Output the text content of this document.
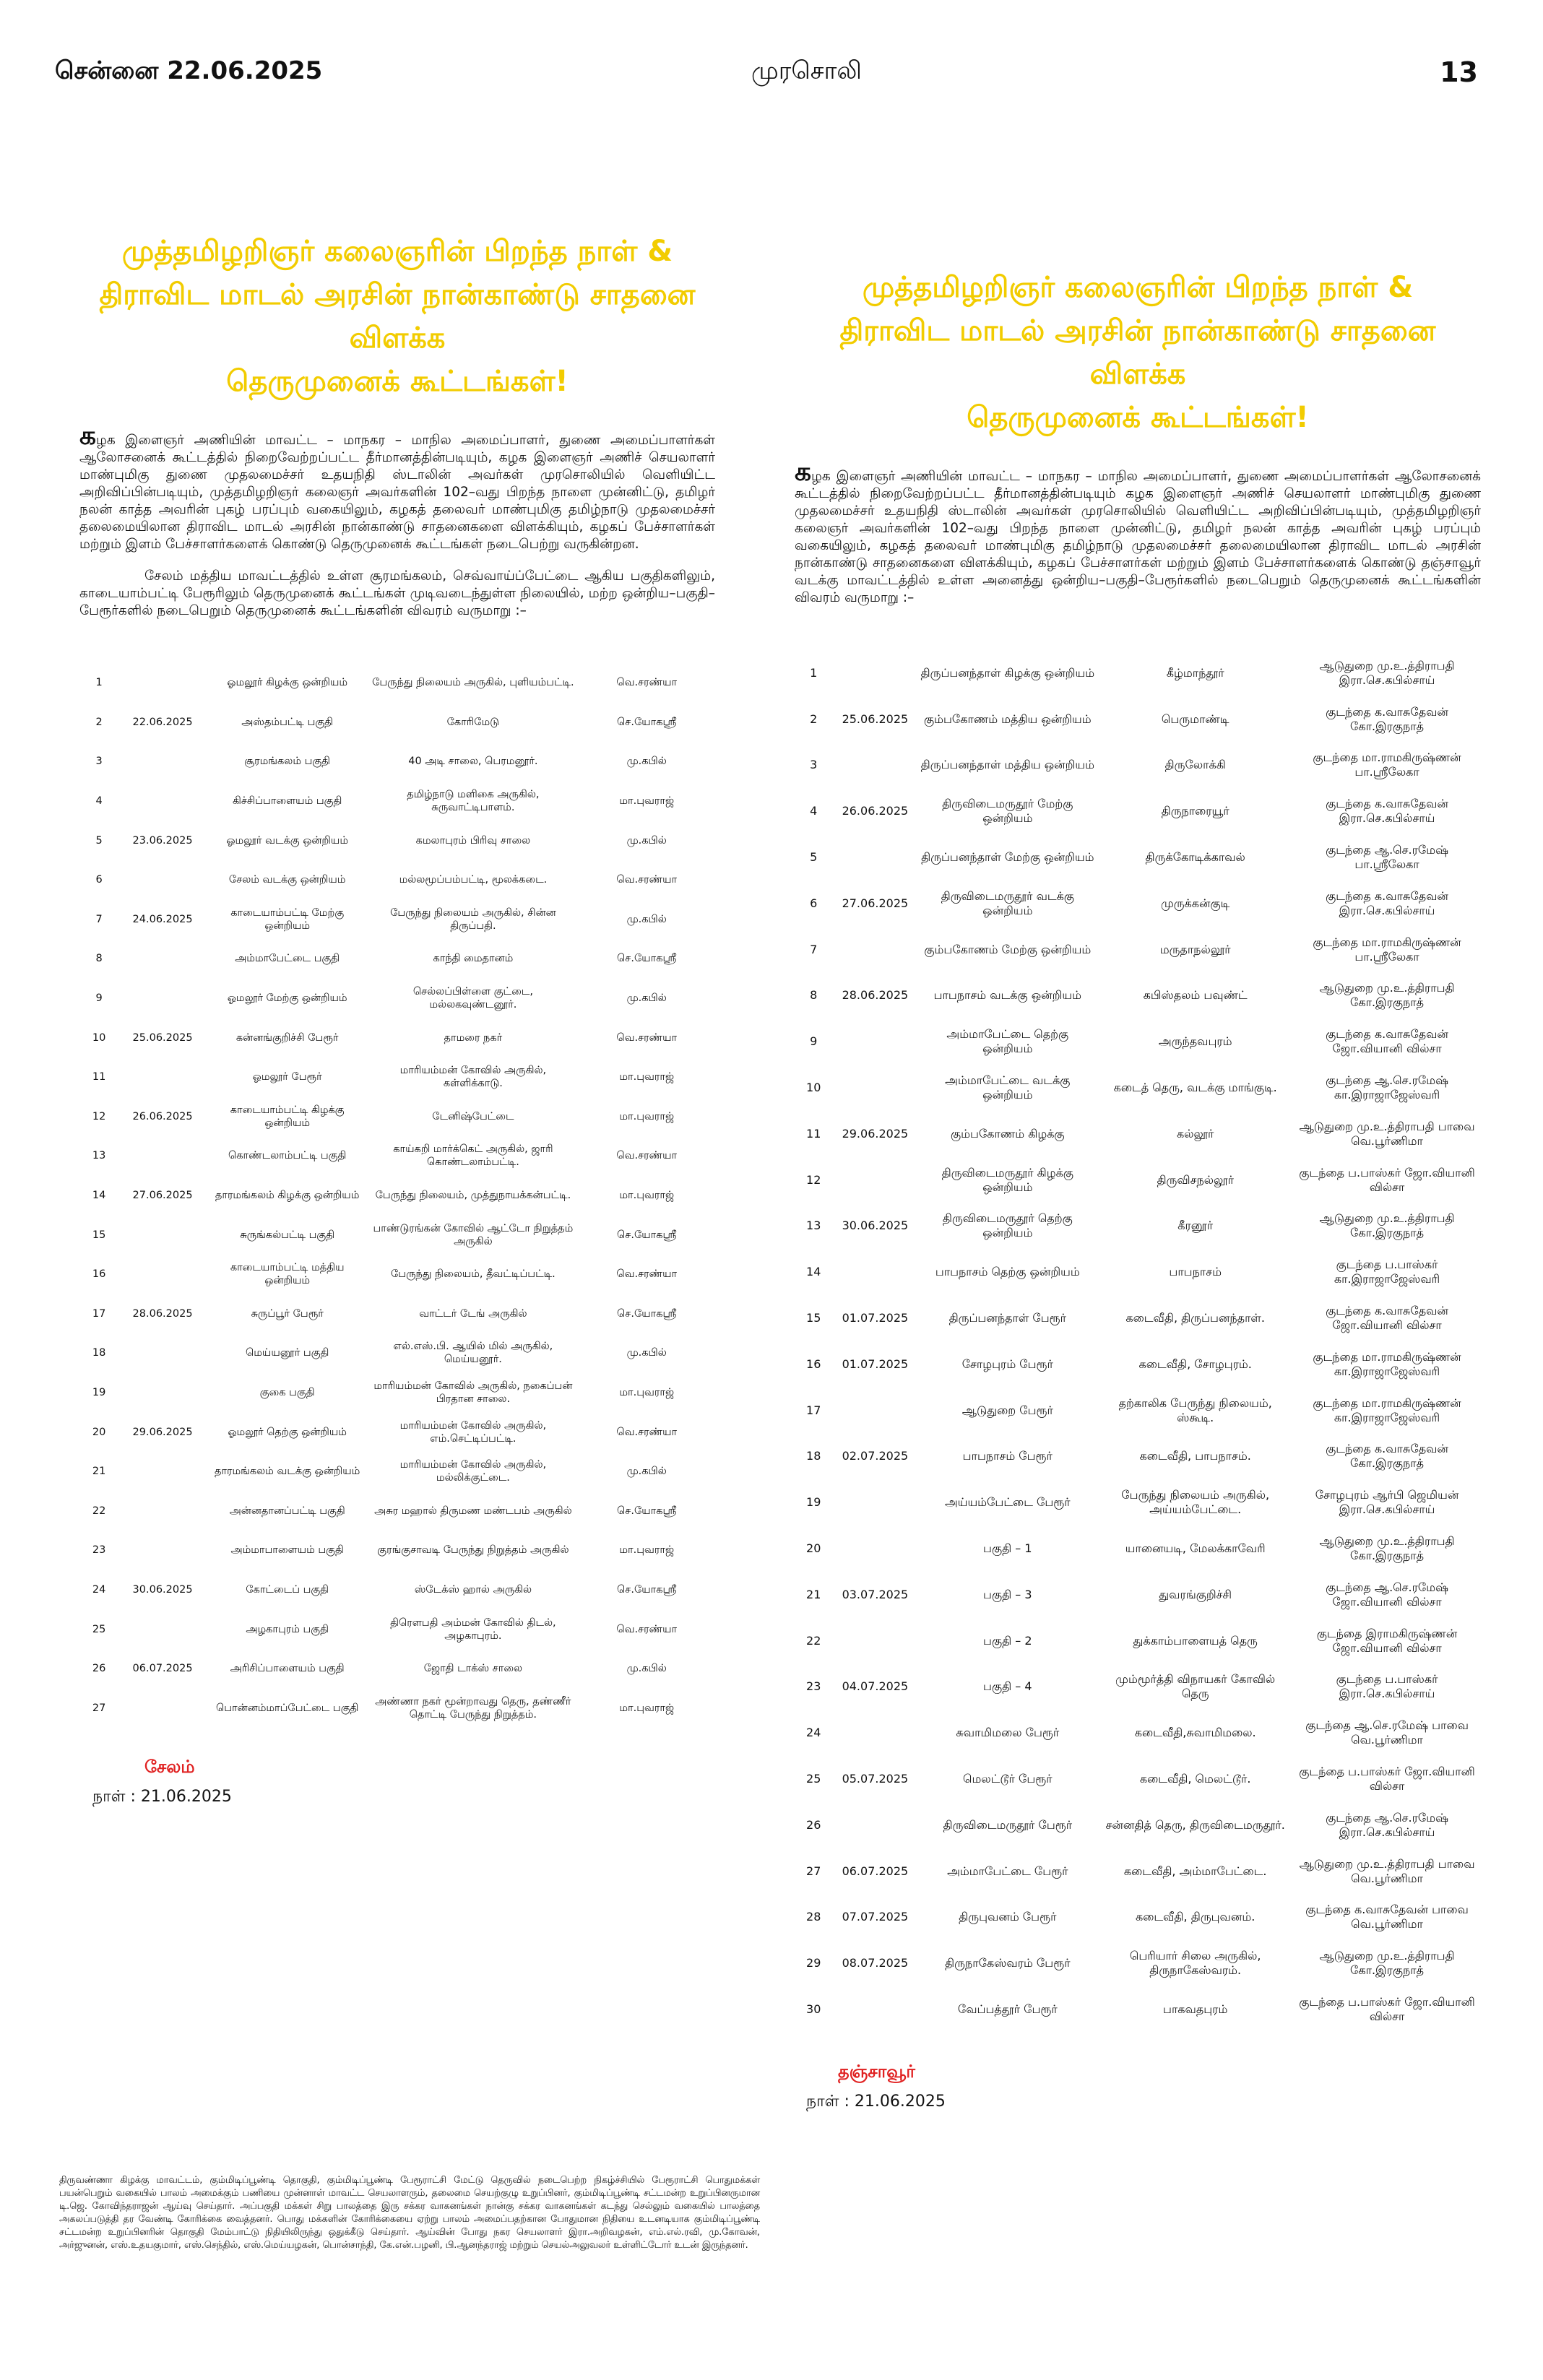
சென்னை 22.06.2025	முரசொலி	13
முத்தமிழறிஞர் கலைஞரின் பிறந்த நாள் &
திராவிட மாடல் அரசின் நான்காண்டு சாதனை விளக்க
தெருமுனைக் கூட்டங்கள்!

கழக இளைஞர் அணியின் மாவட்ட – மாநகர – மாநில அமைப்பாளர், துணை அமைப்பாளர்கள் ஆலோசனைக் கூட்டத்தில் நிறைவேற்றப்பட்ட தீர்மானத்தின்படியும், கழக இளைஞர் அணிச் செயலாளர் மாண்புமிகு துணை முதலமைச்சர் உதயநிதி ஸ்டாலின் அவர்கள் முரசொலியில் வெளியிட்ட அறிவிப்பின்படியும், முத்தமிழறிஞர் கலைஞர் அவர்களின் 102–வது பிறந்த நாளை முன்னிட்டு, தமிழர் நலன் காத்த அவரின் புகழ் பரப்பும் வகையிலும், கழகத் தலைவர் மாண்புமிகு தமிழ்நாடு முதலமைச்சர் தலைமையிலான திராவிட மாடல் அரசின் நான்காண்டு சாதனைகளை விளக்கியும், கழகப் பேச்சாளர்கள் மற்றும் இளம் பேச்சாளர்களைக் கொண்டு தெருமுனைக் கூட்டங்கள் நடைபெற்று வருகின்றன.

சேலம் மத்திய மாவட்டத்தில் உள்ள சூரமங்கலம், செவ்வாய்ப்பேட்டை ஆகிய பகுதிகளிலும், காடையாம்பட்டி பேரூரிலும் தெருமுனைக் கூட்டங்கள் முடிவடைந்துள்ள நிலையில், மற்ற ஒன்றிய–பகுதி–பேரூர்களில் நடைபெறும் தெருமுனைக் கூட்டங்களின் விவரம் வருமாறு :–

1		ஓமலூர் கிழக்கு ஒன்றியம்	பேருந்து நிலையம் அருகில், புளியம்பட்டி.	வெ.சரண்யா
2	22.06.2025	அஸ்தம்பட்டி பகுதி	கோரிமேடு	செ.யோகஸ்ரீ
3		சூரமங்கலம் பகுதி	40 அடி சாலை, பெரமனூர்.	மு.கபில்
4		கிச்சிப்பாளையம் பகுதி	தமிழ்நாடு மளிகை அருகில், சுருவாட்டிபாளம்.	மா.புவராஜ்
5	23.06.2025	ஓமலூர் வடக்கு ஒன்றியம்	கமலாபுரம் பிரிவு சாலை	மு.கபில்
6		சேலம் வடக்கு ஒன்றியம்	மல்லமூப்பம்பட்டி, மூலக்கடை.	வெ.சரண்யா
7	24.06.2025	காடையாம்பட்டி மேற்கு ஒன்றியம்	பேருந்து நிலையம் அருகில், சின்ன திருப்பதி.	மு.கபில்
8		அம்மாபேட்டை பகுதி	காந்தி மைதானம்	செ.யோகஸ்ரீ
9		ஓமலூர் மேற்கு ஒன்றியம்	செல்லப்பிள்ளை குட்டை, மல்லகவுண்டனூர்.	மு.கபில்
10	25.06.2025	கன்னங்குறிச்சி பேரூர்	தாமரை நகர்	வெ.சரண்யா
11		ஓமலூர் பேரூர்	மாரியம்மன் கோவில் அருகில், கள்ளிக்காடு.	மா.புவராஜ்
12	26.06.2025	காடையாம்பட்டி கிழக்கு ஒன்றியம்	டேனிஷ்பேட்டை	மா.புவராஜ்
13		கொண்டலாம்பட்டி பகுதி	காய்கறி மார்க்கெட் அருகில், ஜாரி கொண்டலாம்பட்டி.	வெ.சரண்யா
14	27.06.2025	தாரமங்கலம் கிழக்கு ஒன்றியம்	பேருந்து நிலையம், முத்துநாயக்கன்பட்டி.	மா.புவராஜ்
15		சுருங்கல்பட்டி பகுதி	பாண்டுரங்கன் கோவில் ஆட்டோ நிறுத்தம் அருகில்	செ.யோகஸ்ரீ
16		காடையாம்பட்டி மத்திய ஒன்றியம்	பேருந்து நிலையம், தீவட்டிப்பட்டி.	வெ.சரண்யா
17	28.06.2025	சுருப்பூர் பேரூர்	வாட்டர் டேங் அருகில்	செ.யோகஸ்ரீ
18		மெய்யனூர் பகுதி	எல்.எஸ்.பி. ஆயில் மில் அருகில், மெய்யனூர்.	மு.கபில்
19		குகை பகுதி	மாரியம்மன் கோவில் அருகில், நகைப்பன் பிரதான சாலை.	மா.புவராஜ்
20	29.06.2025	ஓமலூர் தெற்கு ஒன்றியம்	மாரியம்மன் கோவில் அருகில், எம்.செட்டிப்பட்டி.	வெ.சரண்யா
21		தாரமங்கலம் வடக்கு ஒன்றியம்	மாரியம்மன் கோவில் அருகில், மல்லிக்குட்டை.	மு.கபில்
22		அன்னதானப்பட்டி பகுதி	அசுர மஹால் திருமண மண்டபம் அருகில்	செ.யோகஸ்ரீ
23		அம்மாபாளையம் பகுதி	குரங்குசாவடி பேருந்து நிறுத்தம் அருகில்	மா.புவராஜ்
24	30.06.2025	கோட்டைப் பகுதி	ஸ்டேக்ஸ் ஹால் அருகில்	செ.யோகஸ்ரீ
25		அழகாபுரம் பகுதி	திரௌபதி அம்மன் கோவில் திடல், அழகாபுரம்.	வெ.சரண்யா
26	06.07.2025	அரிசிப்பாளையம் பகுதி	ஜோதி டாக்ஸ் சாலை	மு.கபில்
27		பொன்னம்மாப்பேட்டை பகுதி	அண்ணா நகர் மூன்றாவது தெரு, தண்ணீர் தொட்டி பேருந்து நிறுத்தம்.	மா.புவராஜ்
சேலம்
நாள் : 21.06.2025
முத்தமிழறிஞர் கலைஞரின் பிறந்த நாள் &
திராவிட மாடல் அரசின் நான்காண்டு சாதனை விளக்க
தெருமுனைக் கூட்டங்கள்!

கழக இளைஞர் அணியின் மாவட்ட – மாநகர – மாநில அமைப்பாளர், துணை அமைப்பாளர்கள் ஆலோசனைக் கூட்டத்தில் நிறைவேற்றப்பட்ட தீர்மானத்தின்படியும் கழக இளைஞர் அணிச் செயலாளர் மாண்புமிகு துணை முதலமைச்சர் உதயநிதி ஸ்டாலின் அவர்கள் முரசொலியில் வெளியிட்ட அறிவிப்பின்படியும், முத்தமிழறிஞர் கலைஞர் அவர்களின் 102–வது பிறந்த நாளை முன்னிட்டு, தமிழர் நலன் காத்த அவரின் புகழ் பரப்பும் வகையிலும், கழகத் தலைவர் மாண்புமிகு தமிழ்நாடு முதலமைச்சர் தலைமையிலான திராவிட மாடல் அரசின் நான்காண்டு சாதனைகளை விளக்கியும், கழகப் பேச்சாளர்கள் மற்றும் இளம் பேச்சாளர்களைக் கொண்டு தஞ்சாவூர் வடக்கு மாவட்டத்தில் உள்ள அனைத்து ஒன்றிய–பகுதி–பேரூர்களில் நடைபெறும் தெருமுனைக் கூட்டங்களின் விவரம் வருமாறு :–

1		திருப்பனந்தாள் கிழக்கு ஒன்றியம்	கீழ்மாந்தூர்	ஆடுதுறை மு.உ.த்திராபதி இரா.செ.கபில்சாய்
2	25.06.2025	கும்பகோணம் மத்திய ஒன்றியம்	பெருமாண்டி	குடந்தை க.வாசுதேவன் கோ.இரகுநாத்
3		திருப்பனந்தாள் மத்திய ஒன்றியம்	திருலோக்கி	குடந்தை மா.ராமகிருஷ்ணன் பா.ஸ்ரீலேகா
4	26.06.2025	திருவிடைமருதூர் மேற்கு ஒன்றியம்	திருநாரையூர்	குடந்தை க.வாசுதேவன் இரா.செ.கபில்சாய்
5		திருப்பனந்தாள் மேற்கு ஒன்றியம்	திருக்கோடிக்காவல்	குடந்தை ஆ.செ.ரமேஷ் பா.ஸ்ரீலேகா
6	27.06.2025	திருவிடைமருதூர் வடக்கு ஒன்றியம்	முருக்கன்குடி	குடந்தை க.வாசுதேவன் இரா.செ.கபில்சாய்
7		கும்பகோணம் மேற்கு ஒன்றியம்	மருதாநல்லூர்	குடந்தை மா.ராமகிருஷ்ணன் பா.ஸ்ரீலேகா
8	28.06.2025	பாபநாசம் வடக்கு ஒன்றியம்	கபிஸ்தலம் பவுண்ட்	ஆடுதுறை மு.உ.த்திராபதி கோ.இரகுநாத்
9		அம்மாபேட்டை தெற்கு ஒன்றியம்	அருந்தவபுரம்	குடந்தை க.வாசுதேவன் ஜோ.வியானி வில்சா
10		அம்மாபேட்டை வடக்கு ஒன்றியம்	கடைத் தெரு, வடக்கு மாங்குடி.	குடந்தை ஆ.செ.ரமேஷ் கா.இராஜாஜேஸ்வரி
11	29.06.2025	கும்பகோணம் கிழக்கு	கல்லூர்	ஆடுதுறை மு.உ.த்திராபதி பாவை வெ.பூர்ணிமா
12		திருவிடைமருதூர் கிழக்கு ஒன்றியம்	திருவிசநல்லூர்	குடந்தை ப.பாஸ்கர் ஜோ.வியானி வில்சா
13	30.06.2025	திருவிடைமருதூர் தெற்கு ஒன்றியம்	கீரனூர்	ஆடுதுறை மு.உ.த்திராபதி கோ.இரகுநாத்
14		பாபநாசம் தெற்கு ஒன்றியம்	பாபநாசம்	குடந்தை ப.பாஸ்கர் கா.இராஜாஜேஸ்வரி
15	01.07.2025	திருப்பனந்தாள் பேரூர்	கடைவீதி, திருப்பனந்தாள்.	குடந்தை க.வாசுதேவன் ஜோ.வியானி வில்சா
16	01.07.2025	சோழபுரம் பேரூர்	கடைவீதி, சோழபுரம்.	குடந்தை மா.ராமகிருஷ்ணன் கா.இராஜாஜேஸ்வரி
17		ஆடுதுறை பேரூர்	தற்காலிக பேருந்து நிலையம், ஸ்கூடி.	குடந்தை மா.ராமகிருஷ்ணன் கா.இராஜாஜேஸ்வரி
18	02.07.2025	பாபநாசம் பேரூர்	கடைவீதி, பாபநாசம்.	குடந்தை க.வாசுதேவன் கோ.இரகுநாத்
19		அய்யம்பேட்டை பேரூர்	பேருந்து நிலையம் அருகில், அய்யம்பேட்டை.	சோழபுரம் ஆர்பி ஜெமியன் இரா.செ.கபில்சாய்
20		பகுதி – 1	யானையடி, மேலக்காவேரி	ஆடுதுறை மு.உ.த்திராபதி கோ.இரகுநாத்
21	03.07.2025	பகுதி – 3	துவரங்குறிச்சி	குடந்தை ஆ.செ.ரமேஷ் ஜோ.வியானி வில்சா
22		பகுதி – 2	துக்காம்பாளையத் தெரு	குடந்தை இராமகிருஷ்ணன் ஜோ.வியானி வில்சா
23	04.07.2025	பகுதி – 4	மும்மூர்த்தி விநாயகர் கோவில் தெரு	குடந்தை ப.பாஸ்கர் இரா.செ.கபில்சாய்
24		சுவாமிமலை பேரூர்	கடைவீதி,சுவாமிமலை.	குடந்தை ஆ.செ.ரமேஷ் பாவை வெ.பூர்ணிமா
25	05.07.2025	மெலட்டூர் பேரூர்	கடைவீதி, மெலட்டூர்.	குடந்தை ப.பாஸ்கர் ஜோ.வியானி வில்சா
26		திருவிடைமருதூர் பேரூர்	சன்னதித் தெரு, திருவிடைமருதூர்.	குடந்தை ஆ.செ.ரமேஷ் இரா.செ.கபில்சாய்
27	06.07.2025	அம்மாபேட்டை பேரூர்	கடைவீதி, அம்மாபேட்டை.	ஆடுதுறை மு.உ.த்திராபதி பாவை வெ.பூர்ணிமா
28	07.07.2025	திருபுவனம் பேரூர்	கடைவீதி, திருபுவனம்.	குடந்தை க.வாசுதேவன் பாவை வெ.பூர்ணிமா
29	08.07.2025	திருநாகேஸ்வரம் பேரூர்	பெரியார் சிலை அருகில், திருநாகேஸ்வரம்.	ஆடுதுறை மு.உ.த்திராபதி கோ.இரகுநாத்
30		வேப்பத்தூர் பேரூர்	பாகவதபுரம்	குடந்தை ப.பாஸ்கர் ஜோ.வியானி வில்சா
தஞ்சாவூர்
நாள் : 21.06.2025
திருவண்ணா கிழக்கு மாவட்டம், கும்மிடிப்பூண்டி தொகுதி, கும்மிடிப்பூண்டி பேரூராட்சி மேட்டு தெருவில் நடைபெற்ற நிகழ்ச்சியில் பேரூராட்சி பொதுமக்கள் பயன்பெறும் வகையில் பாலம் அமைக்கும் பணியை முன்னாள் மாவட்ட செயலாளரும், தலைமை செயற்குழு உறுப்பினர், கும்மிடிப்பூண்டி சட்டமன்ற உறுப்பினருமான டி.ஜெ. கோவிந்தராஜன் ஆய்வு செய்தார். அப்பகுதி மக்கள் சிறு பாலத்தை இரு சக்கர வாகனங்கள் நான்கு சக்கர வாகனங்கள் கடந்து செல்லும் வகையில் பாலத்தை அகலப்படுத்தி தர வேண்டி கோரிக்கை வைத்தனர். பொது மக்களின் கோரிக்கையை ஏற்று பாலம் அமைப்பதற்கான போதுமான நிதியை உடனடியாக கும்மிடிப்பூண்டி சட்டமன்ற உறுப்பினரின் தொகுதி மேம்பாட்டு நிதியிலிருந்து ஒதுக்கீடு செய்தார். ஆய்வின் போது நகர செயலாளர் இரா.அறிவழகன், எம்.எல்.ரவி, மு.கோவன், அர்ஜுனன், எஸ்.உதயகுமார், எஸ்.செந்தில், எஸ்.மெய்யழகன், பொன்சாந்தி, கே.என்.பழனி, பி.ஆனந்தராஜ் மற்றும் செயல்அலுவலர் உள்ளிட்டோர் உடன் இருந்தனர்.
